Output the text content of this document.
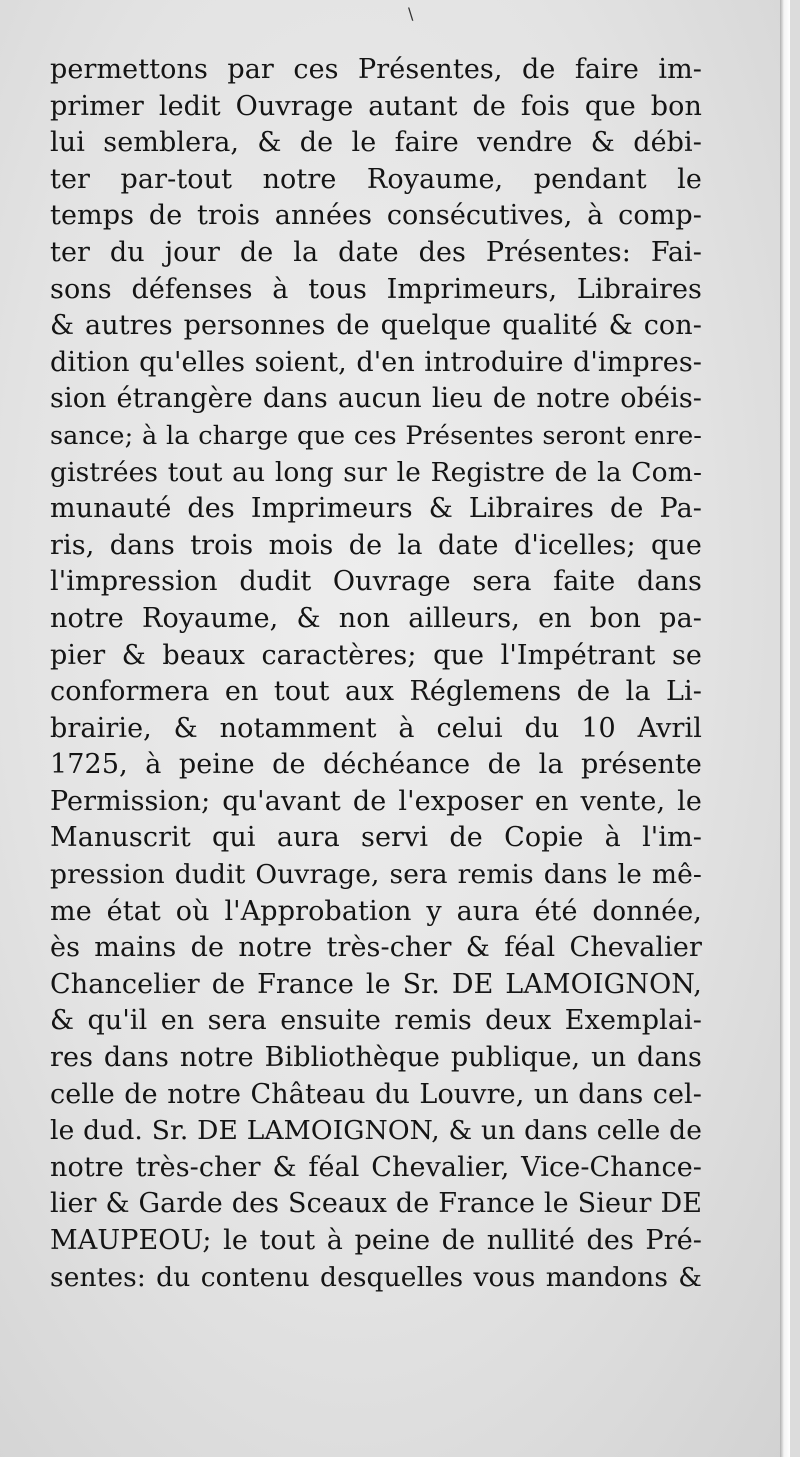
\
permettons par ces Présentes, de faire im-
primer ledit Ouvrage autant de fois que bon
lui semblera, & de le faire vendre & débi-
ter par-tout notre Royaume, pendant le
temps de trois années consécutives, à comp-
ter du jour de la date des Présentes: Fai-
sons défenses à tous Imprimeurs, Libraires
& autres personnes de quelque qualité & con-
dition qu'elles soient, d'en introduire d'impres-
sion étrangère dans aucun lieu de notre obéis-
sance; à la charge que ces Présentes seront enre-
gistrées tout au long sur le Registre de la Com-
munauté des Imprimeurs & Libraires de Pa-
ris, dans trois mois de la date d'icelles; que
l'impression dudit Ouvrage sera faite dans
notre Royaume, & non ailleurs, en bon pa-
pier & beaux caractères; que l'Impétrant se
conformera en tout aux Réglemens de la Li-
brairie, & notamment à celui du 10 Avril
1725, à peine de déchéance de la présente
Permission; qu'avant de l'exposer en vente, le
Manuscrit qui aura servi de Copie à l'im-
pression dudit Ouvrage, sera remis dans le mê-
me état où l'Approbation y aura été donnée,
ès mains de notre très-cher & féal Chevalier
Chancelier de France le Sr. DE LAMOIGNON,
& qu'il en sera ensuite remis deux Exemplai-
res dans notre Bibliothèque publique, un dans
celle de notre Château du Louvre, un dans cel-
le dud. Sr. DE LAMOIGNON, & un dans celle de
notre très-cher & féal Chevalier, Vice-Chance-
lier & Garde des Sceaux de France le Sieur DE
MAUPEOU; le tout à peine de nullité des Pré-
sentes: du contenu desquelles vous mandons &
